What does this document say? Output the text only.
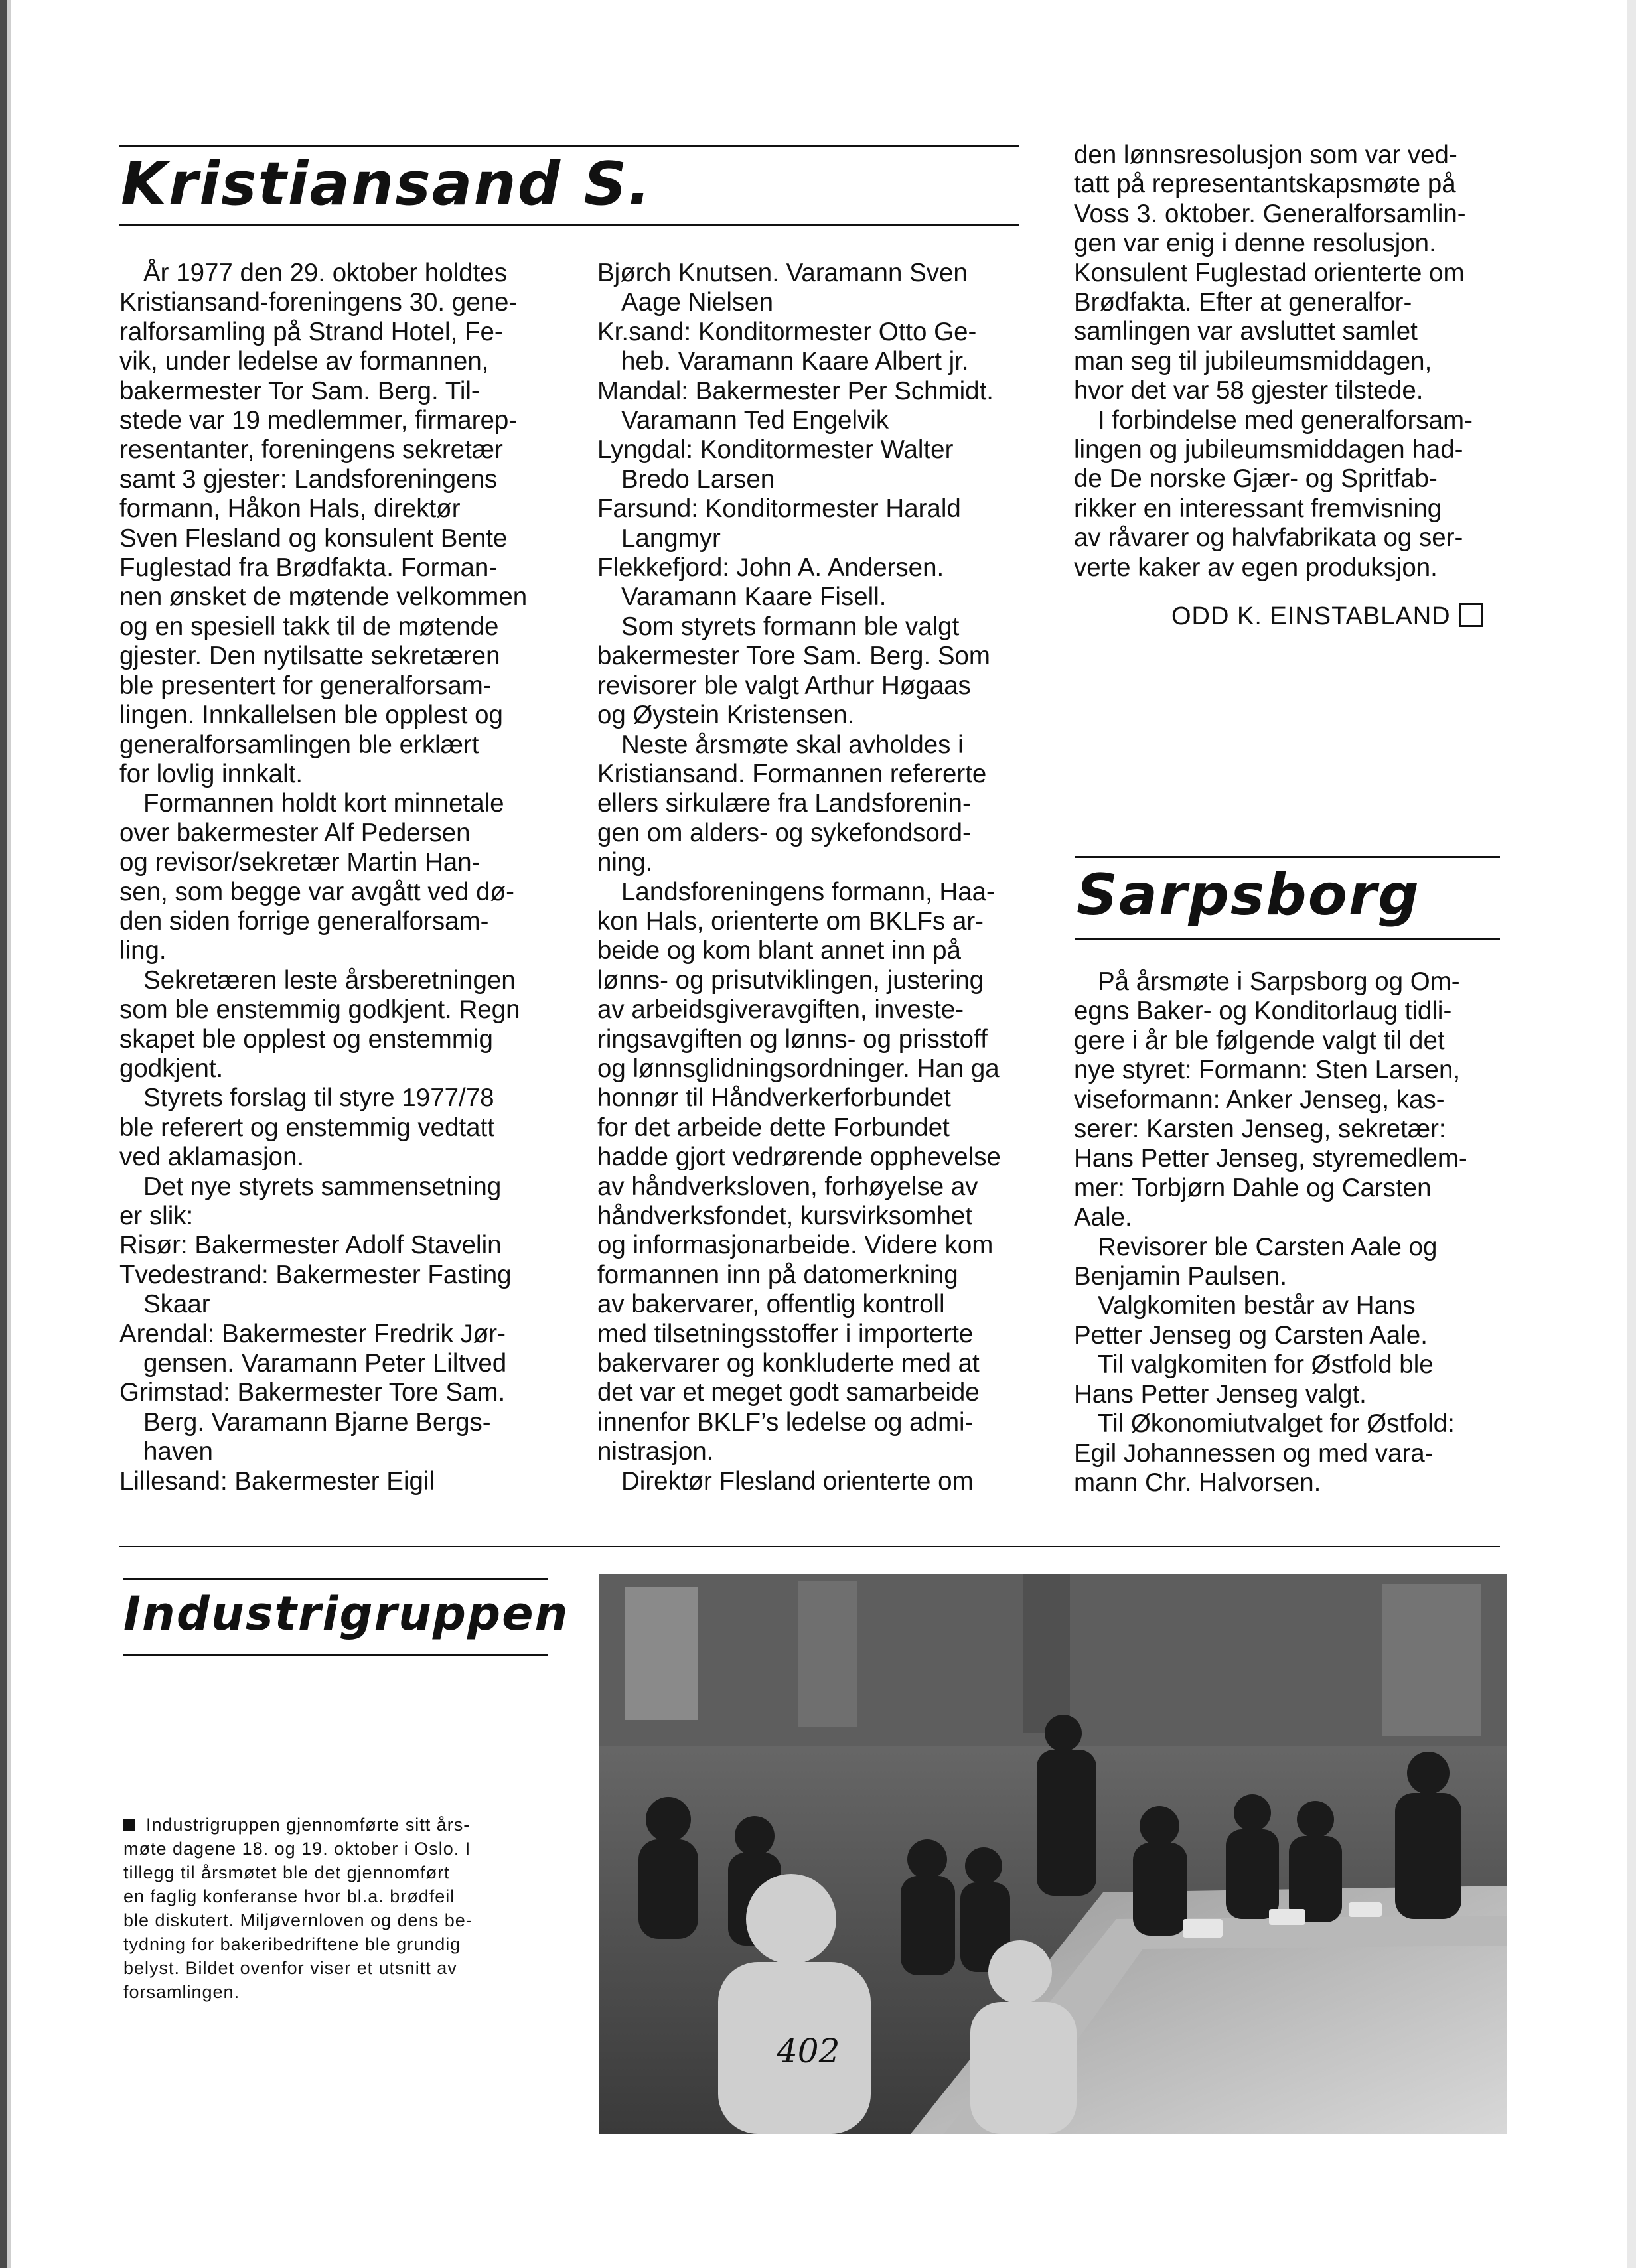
Kristiansand S.

År 1977 den 29. oktober holdtes
Kristiansand-foreningens 30. gene-
ralforsamling på Strand Hotel, Fe-
vik, under ledelse av formannen,
bakermester Tor Sam. Berg. Til-
stede var 19 medlemmer, firmarep-
resentanter, foreningens sekretær
samt 3 gjester: Landsforeningens
formann, Håkon Hals, direktør
Sven Flesland og konsulent Bente
Fuglestad fra Brødfakta. Forman-
nen ønsket de møtende velkommen
og en spesiell takk til de møtende
gjester. Den nytilsatte sekretæren
ble presentert for generalforsam-
lingen. Innkallelsen ble opplest og
generalforsamlingen ble erklært
for lovlig innkalt.

Formannen holdt kort minnetale
over bakermester Alf Pedersen
og revisor/sekretær Martin Han-
sen, som begge var avgått ved dø-
den siden forrige generalforsam-
ling.

Sekretæren leste årsberetningen
som ble enstemmig godkjent. Regn
skapet ble opplest og enstemmig
godkjent.

Styrets forslag til styre 1977/78
ble referert og enstemmig vedtatt
ved aklamasjon.

Det nye styrets sammensetning
er slik:

Risør: Bakermester Adolf Stavelin

Tvedestrand: Bakermester Fasting
Skaar

Arendal: Bakermester Fredrik Jør-
gensen. Varamann Peter Liltved

Grimstad: Bakermester Tore Sam.
Berg. Varamann Bjarne Bergs-
haven

Lillesand: Bakermester Eigil

Bjørch Knutsen. Varamann Sven
Aage Nielsen

Kr.sand: Konditormester Otto Ge-
heb. Varamann Kaare Albert jr.

Mandal: Bakermester Per Schmidt.
Varamann Ted Engelvik

Lyngdal: Konditormester Walter
Bredo Larsen

Farsund: Konditormester Harald
Langmyr

Flekkefjord: John A. Andersen.
Varamann Kaare Fisell.

Som styrets formann ble valgt
bakermester Tore Sam. Berg. Som
revisorer ble valgt Arthur Høgaas
og Øystein Kristensen.

Neste årsmøte skal avholdes i
Kristiansand. Formannen refererte
ellers sirkulære fra Landsforenin-
gen om alders- og sykefondsord-
ning.

Landsforeningens formann, Haa-
kon Hals, orienterte om BKLFs ar-
beide og kom blant annet inn på
lønns- og prisutviklingen, justering
av arbeidsgiveravgiften, investe-
ringsavgiften og lønns- og prisstoff
og lønnsglidningsordninger. Han ga
honnør til Håndverkerforbundet
for det arbeide dette Forbundet
hadde gjort vedrørende opphevelse
av håndverksloven, forhøyelse av
håndverksfondet, kursvirksomhet
og informasjonarbeide. Videre kom
formannen inn på datomerkning
av bakervarer, offentlig kontroll
med tilsetningsstoffer i importerte
bakervarer og konkluderte med at
det var et meget godt samarbeide
innenfor BKLF’s ledelse og admi-
nistrasjon.

Direktør Flesland orienterte om

den lønnsresolusjon som var ved-
tatt på representantskapsmøte på
Voss 3. oktober. Generalforsamlin-
gen var enig i denne resolusjon.
Konsulent Fuglestad orienterte om
Brødfakta. Efter at generalfor-
samlingen var avsluttet samlet
man seg til jubileumsmiddagen,
hvor det var 58 gjester tilstede.

I forbindelse med generalforsam-
lingen og jubileumsmiddagen had-
de De norske Gjær- og Spritfab-
rikker en interessant fremvisning
av råvarer og halvfabrikata og ser-
verte kaker av egen produksjon.

ODD K. EINSTABLAND
Sarpsborg

På årsmøte i Sarpsborg og Om-
egns Baker- og Konditorlaug tidli-
gere i år ble følgende valgt til det
nye styret: Formann: Sten Larsen,
viseformann: Anker Jenseg, kas-
serer: Karsten Jenseg, sekretær:
Hans Petter Jenseg, styremedlem-
mer: Torbjørn Dahle og Carsten
Aale.

Revisorer ble Carsten Aale og
Benjamin Paulsen.

Valgkomiten består av Hans
Petter Jenseg og Carsten Aale.

Til valgkomiten for Østfold ble
Hans Petter Jenseg valgt.

Til Økonomiutvalget for Østfold:
Egil Johannessen og med vara-
mann Chr. Halvorsen.

Industrigruppen

Industrigruppen gjennomførte sitt års-
møte dagene 18. og 19. oktober i Oslo. I
tillegg til årsmøtet ble det gjennomført
en faglig konferanse hvor bl.a. brødfeil
ble diskutert. Miljøvernloven og dens be-
tydning for bakeribedriftene ble grundig
belyst. Bildet ovenfor viser et utsnitt av
forsamlingen.

402
